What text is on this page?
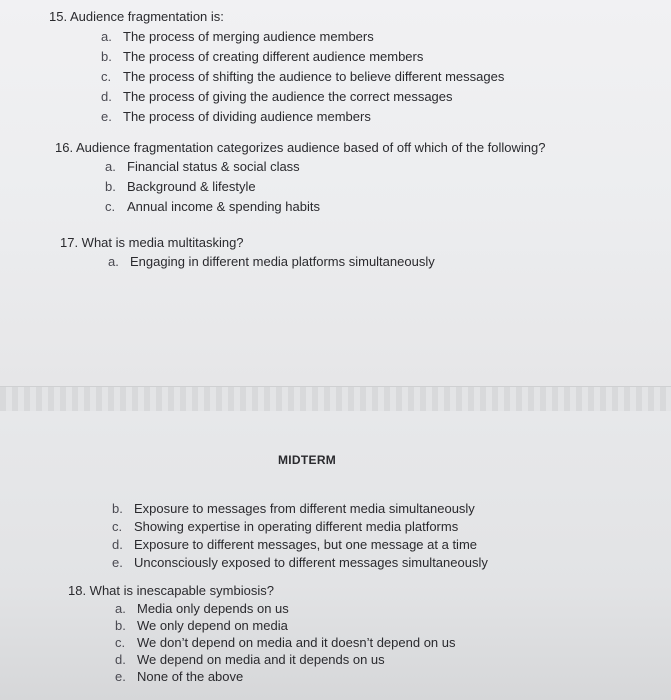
15. Audience fragmentation is:

a. The process of merging audience members
b. The process of creating different audience members
c. The process of shifting the audience to believe different messages
d. The process of giving the audience the correct messages
e. The process of dividing audience members

16. Audience fragmentation categorizes audience based of off which of the following?

a. Financial status & social class
b. Background & lifestyle
c. Annual income & spending habits

17. What is media multitasking?

a. Engaging in different media platforms simultaneously
MIDTERM
b. Exposure to messages from different media simultaneously
c. Showing expertise in operating different media platforms
d. Exposure to different messages, but one message at a time
e. Unconsciously exposed to different messages simultaneously

18. What is inescapable symbiosis?

a. Media only depends on us
b. We only depend on media
c. We don’t depend on media and it doesn’t depend on us
d. We depend on media and it depends on us
e. None of the above
